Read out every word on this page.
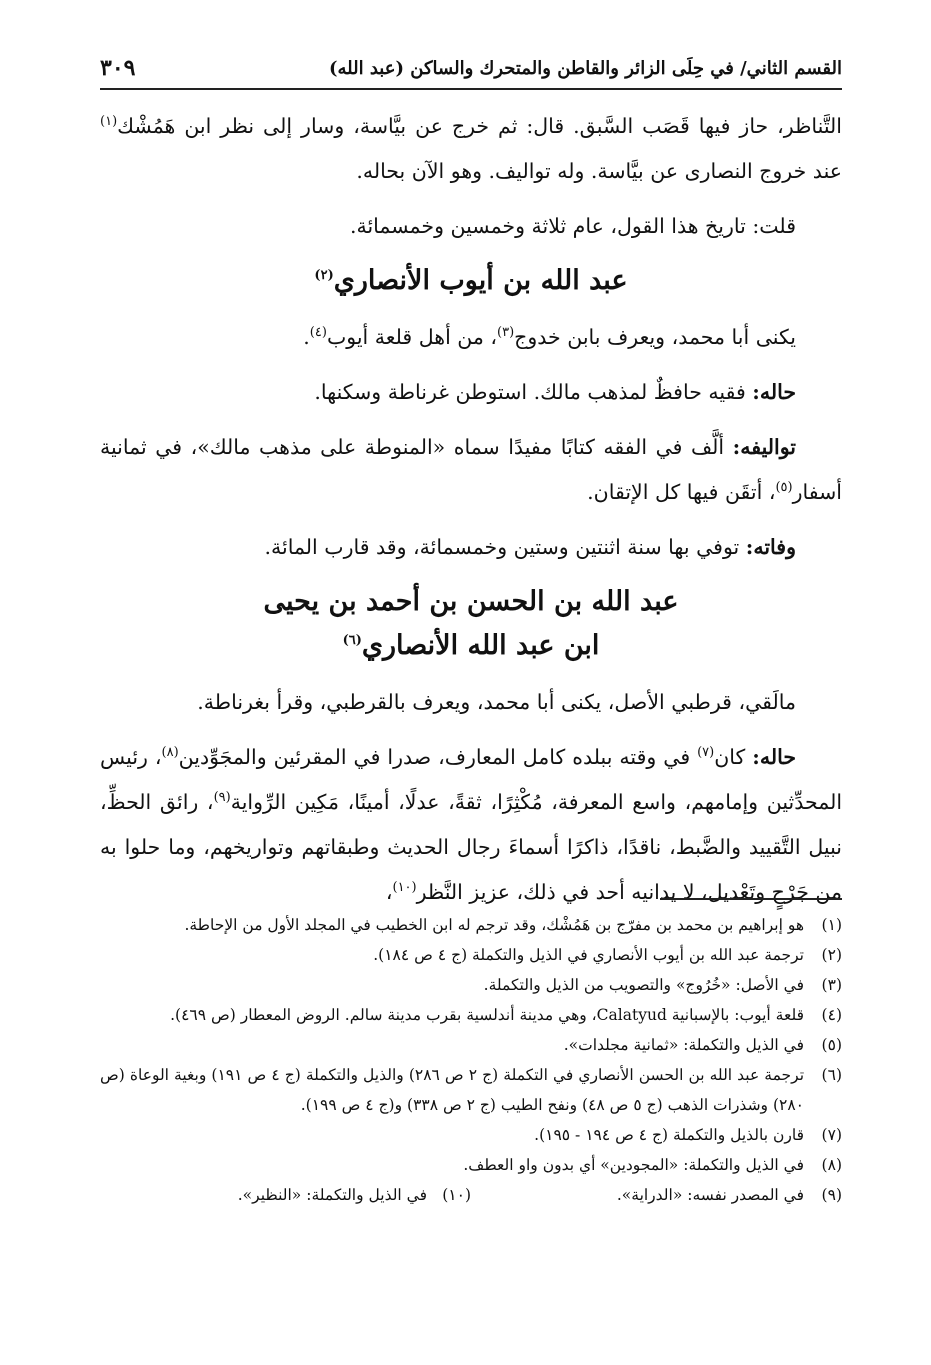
القسم الثاني/ في حِلَى الزائر والقاطن والمتحرك والساكن (عبد الله)
٣٠٩

التَّناظر، حاز فيها قَصَب السَّبق. قال: ثم خرج عن بيَّاسة، وسار إلى نظر ابن هَمُشْك$^{(١)}$ عند خروج النصارى عن بيَّاسة. وله تواليف. وهو الآن بحاله.

قلت: تاريخ هذا القول، عام ثلاثة وخمسين وخمسمائة.

عبد الله بن أيوب الأنصاري$^{(٢)}$

يكنى أبا محمد، ويعرف بابن خدوج$^{(٣)}$، من أهل قلعة أيوب$^{(٤)}$.

حاله: فقيه حافظٌ لمذهب مالك. استوطن غرناطة وسكنها.

تواليفه: ألَّف في الفقه كتابًا مفيدًا سماه «المنوطة على مذهب مالك»، في ثمانية أسفار$^{(٥)}$، أتقَن فيها كل الإتقان.

وفاته: توفي بها سنة اثنتين وستين وخمسمائة، وقد قارب المائة.

عبد الله بن الحسن بن أحمد بن يحيى
ابن عبد الله الأنصاري$^{(٦)}$

مالَقي، قرطبي الأصل، يكنى أبا محمد، ويعرف بالقرطبي، وقرأ بغرناطة.

حاله: كان$^{(٧)}$ في وقته ببلده كامل المعارف، صدرا في المقرئين والمجَوِّدين$^{(٨)}$، رئيس المحدِّثين وإمامهم، واسع المعرفة، مُكْثِرًا، ثقةً، عدلًا، أمينًا، مَكِين الرِّواية$^{(٩)}$، رائق الحظِّ، نبيل التَّقييد والضَّبط، ناقدًا، ذاكرًا أسماءَ رجال الحديث وطبقاتهم وتواريخهم، وما حلوا به من جَرْحٍ وتَعْديل، لا يدانيه أحد في ذلك، عزيز النَّظر$^{(١٠)}$،

(١)
هو إبراهيم بن محمد بن مفرّج بن هَمُشْك، وقد ترجم له ابن الخطيب في المجلد الأول من الإحاطة.
(٢)
ترجمة عبد الله بن أيوب الأنصاري في الذيل والتكملة (ج ٤ ص ١٨٤).
(٣)
في الأصل: «خُرُوج» والتصويب من الذيل والتكملة.
(٤)
قلعة أيوب: بالإسبانية Calatyud، وهي مدينة أندلسية بقرب مدينة سالم. الروض المعطار (ص ٤٦٩).
(٥)
في الذيل والتكملة: «ثمانية مجلدات».
(٦)
ترجمة عبد الله بن الحسن الأنصاري في التكملة (ج ٢ ص ٢٨٦) والذيل والتكملة (ج ٤ ص ١٩١) وبغية الوعاة (ص ٢٨٠) وشذرات الذهب (ج ٥ ص ٤٨) ونفح الطيب (ج ٢ ص ٣٣٨) و(ج ٤ ص ١٩٩).
(٧)
قارن بالذيل والتكملة (ج ٤ ص ١٩٤ - ١٩٥).
(٨)
في الذيل والتكملة: «المجودين» أي بدون واو العطف.
(٩)
في المصدر نفسه: «الدراية».
(١٠)
في الذيل والتكملة: «النظير».
